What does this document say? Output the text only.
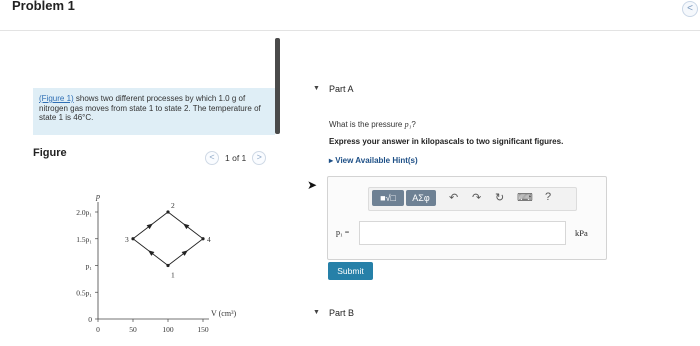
Problem 1	<
(Figure 1) shows two different processes by which 1.0 g of nitrogen gas moves from state 1 to state 2. The temperature of state 1 is 46°C.
Figure	< 1 of 1 >
p
V (cm³)
2.0p₁
1.5p₁
p₁
0.5p₁
0
0	50	100	150
1
2
3	4
▼ Part A
What is the pressure p₁?
Express your answer in kilopascals to two significant figures.
▸ View Available Hint(s)
■√□	ΑΣφ	↶ ↷ ↻ ⌨ ?
p₁ =	kPa
Submit
➤
▼ Part B
